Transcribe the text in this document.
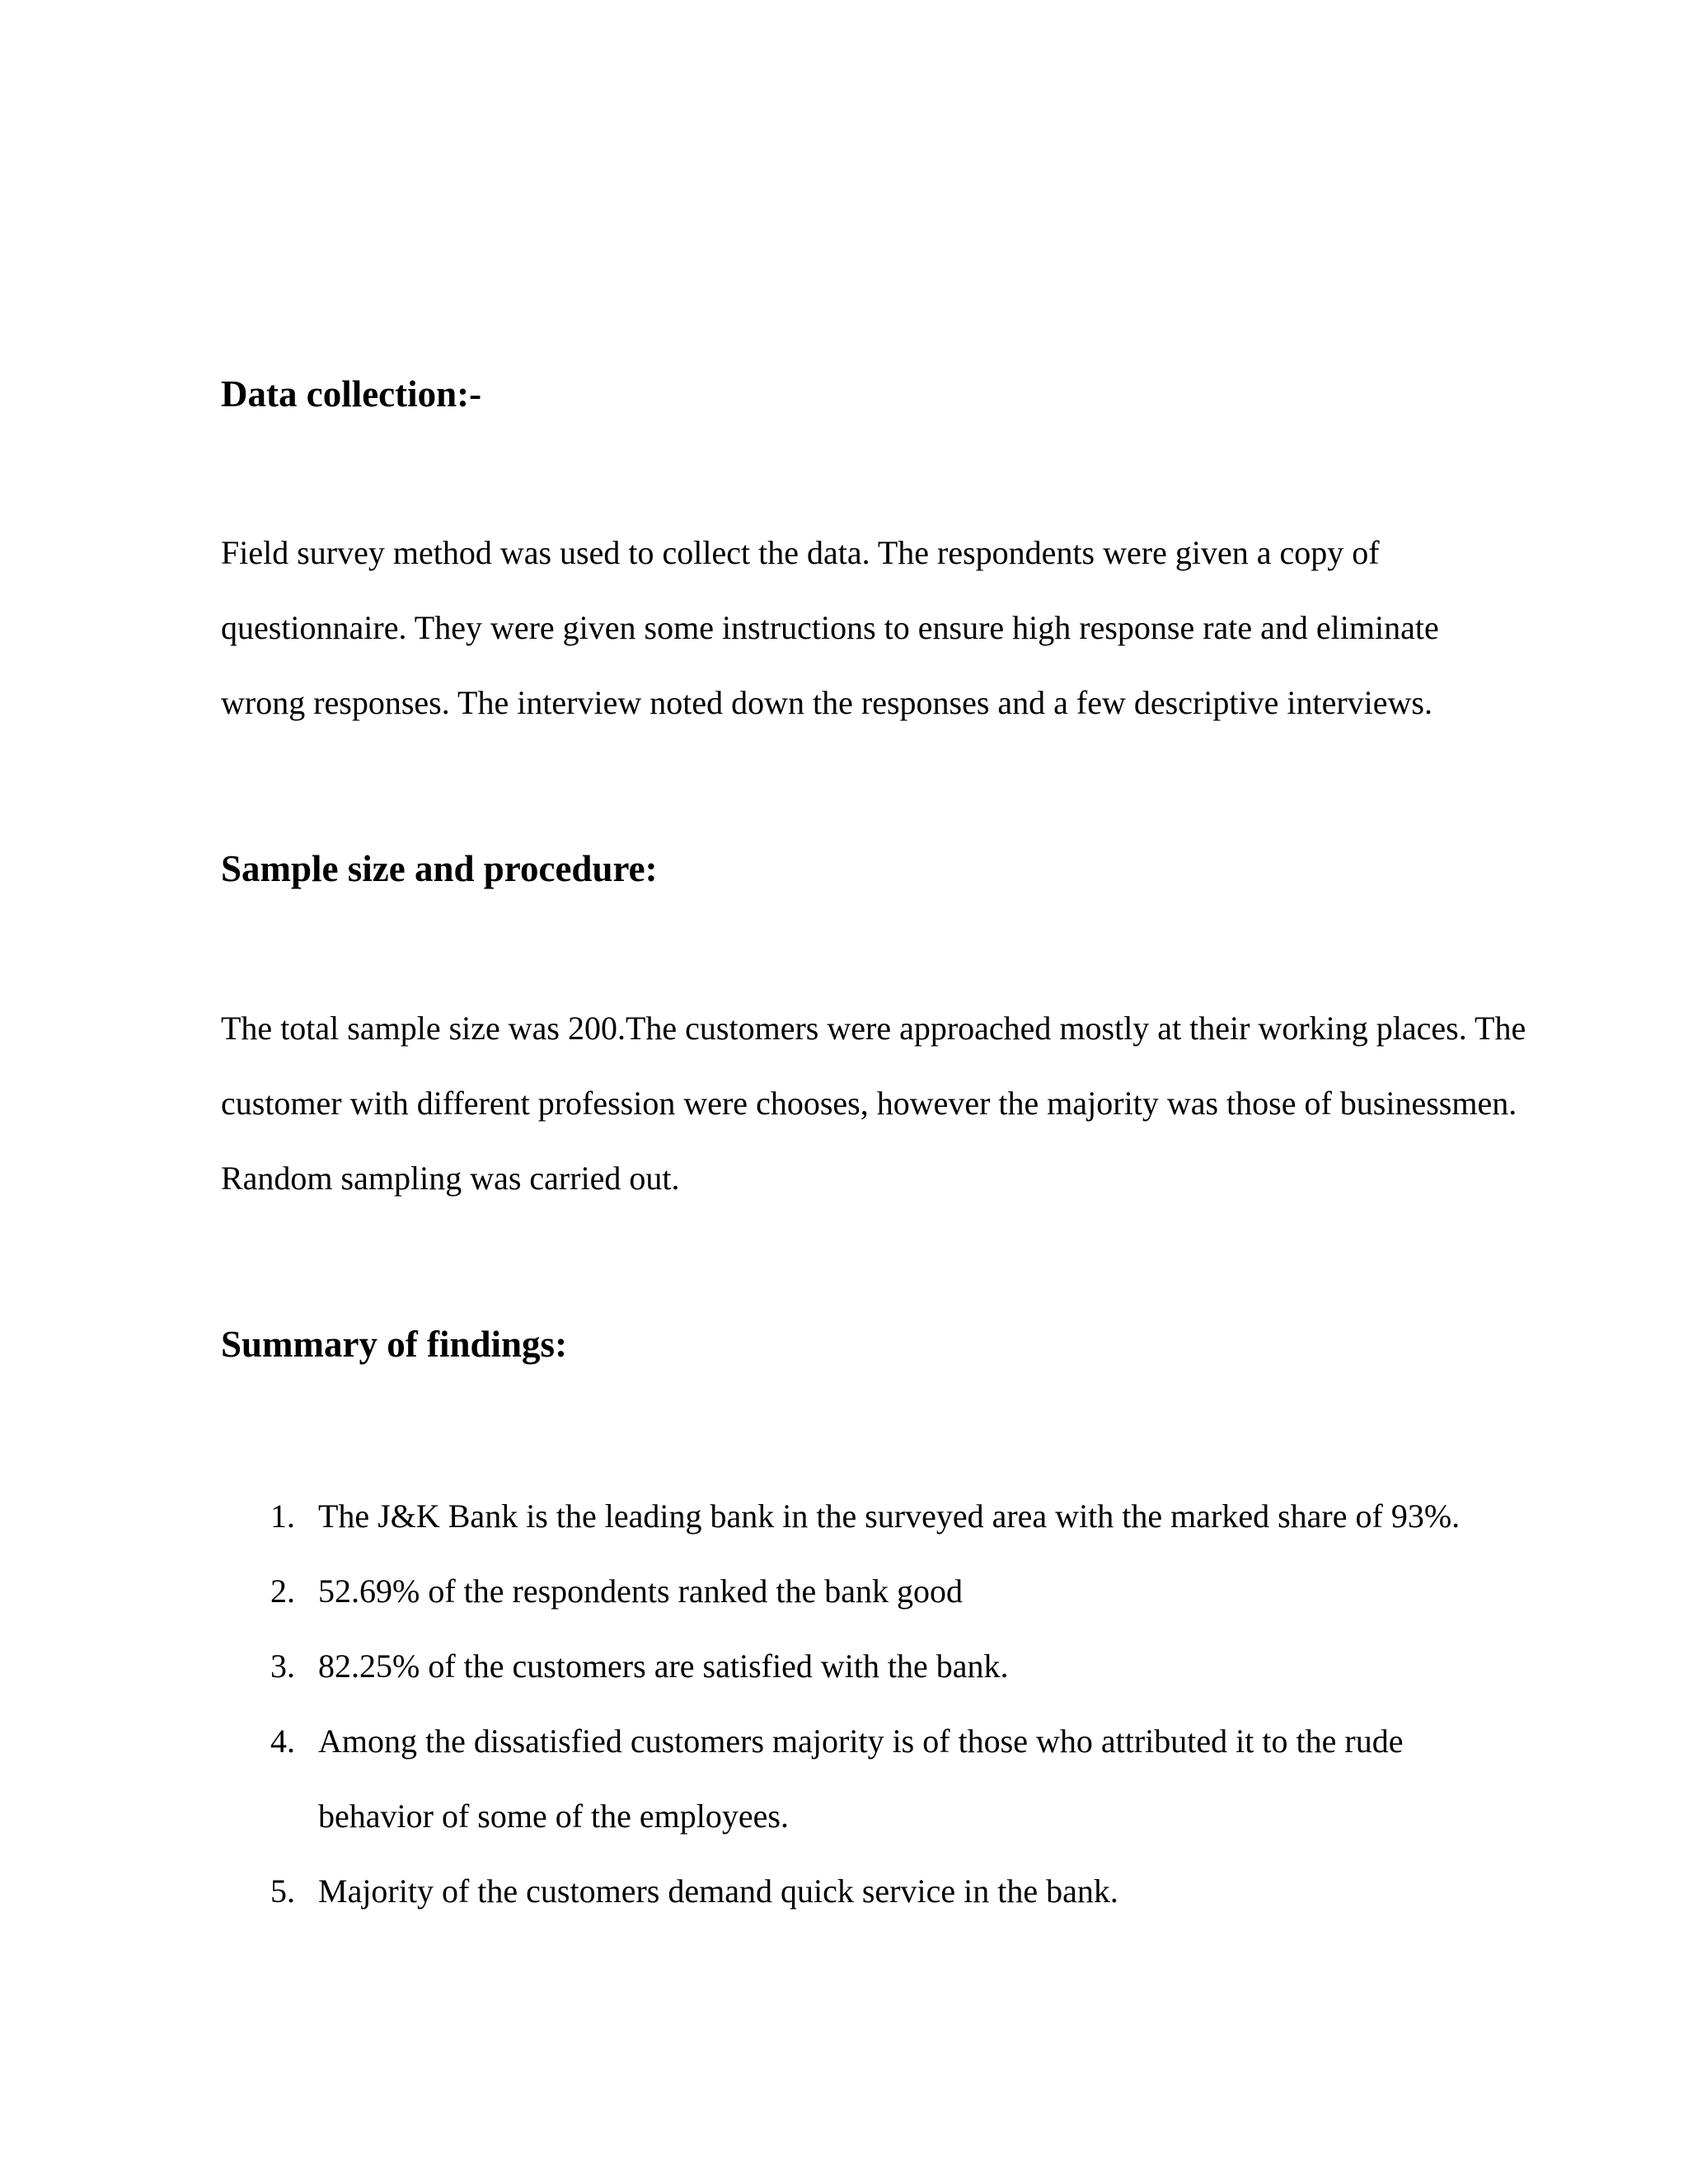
Data collection:-

Field survey method was used to collect the data. The respondents were given a copy of

questionnaire. They were given some instructions to ensure high response rate and eliminate

wrong responses. The interview noted down the responses and a few descriptive interviews.

Sample size and procedure:

The total sample size was 200.The customers were approached mostly at their working places. The

customer with different profession were chooses, however the majority was those of businessmen.

Random sampling was carried out.

Summary of findings:
1. The J&K Bank is the leading bank in the surveyed area with the marked share of 93%.
2. 52.69% of the respondents ranked the bank good
3. 82.25% of the customers are satisfied with the bank.
4. Among the dissatisfied customers majority is of those who attributed it to the rude
behavior of some of the employees.
5. Majority of the customers demand quick service in the bank.
